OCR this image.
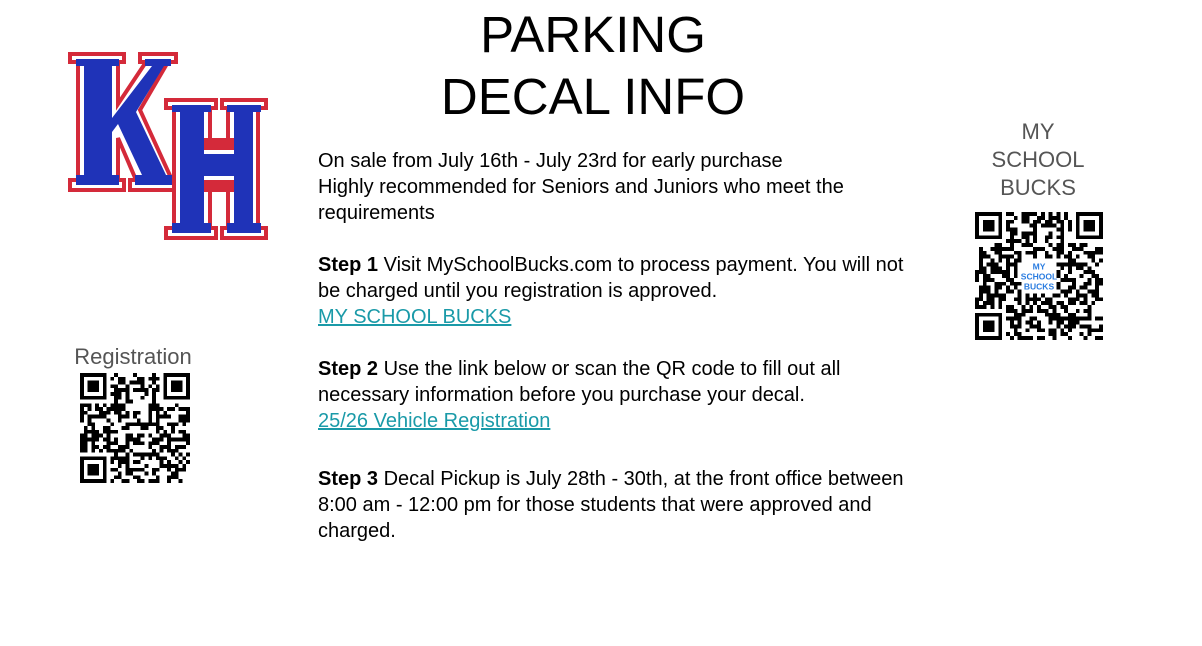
PARKING
DECAL INFO

On sale from July 16th - July 23rd for early purchase

Highly recommended for Seniors and Juniors who meet the requirements

Step 1 Visit MySchoolBucks.com to process payment. You will not be charged until you registration is approved.

MY SCHOOL BUCKS

Step 2 Use the link below or scan the QR code to fill out all necessary information before you purchase your decal.

25/26 Vehicle Registration

Step 3 Decal Pickup is July 28th - 30th, at the front office between 8:00 am - 12:00 pm for those students that were approved and charged.

Registration
MY
SCHOOL
BUCKS
MY
SCHOOL
BUCKS
